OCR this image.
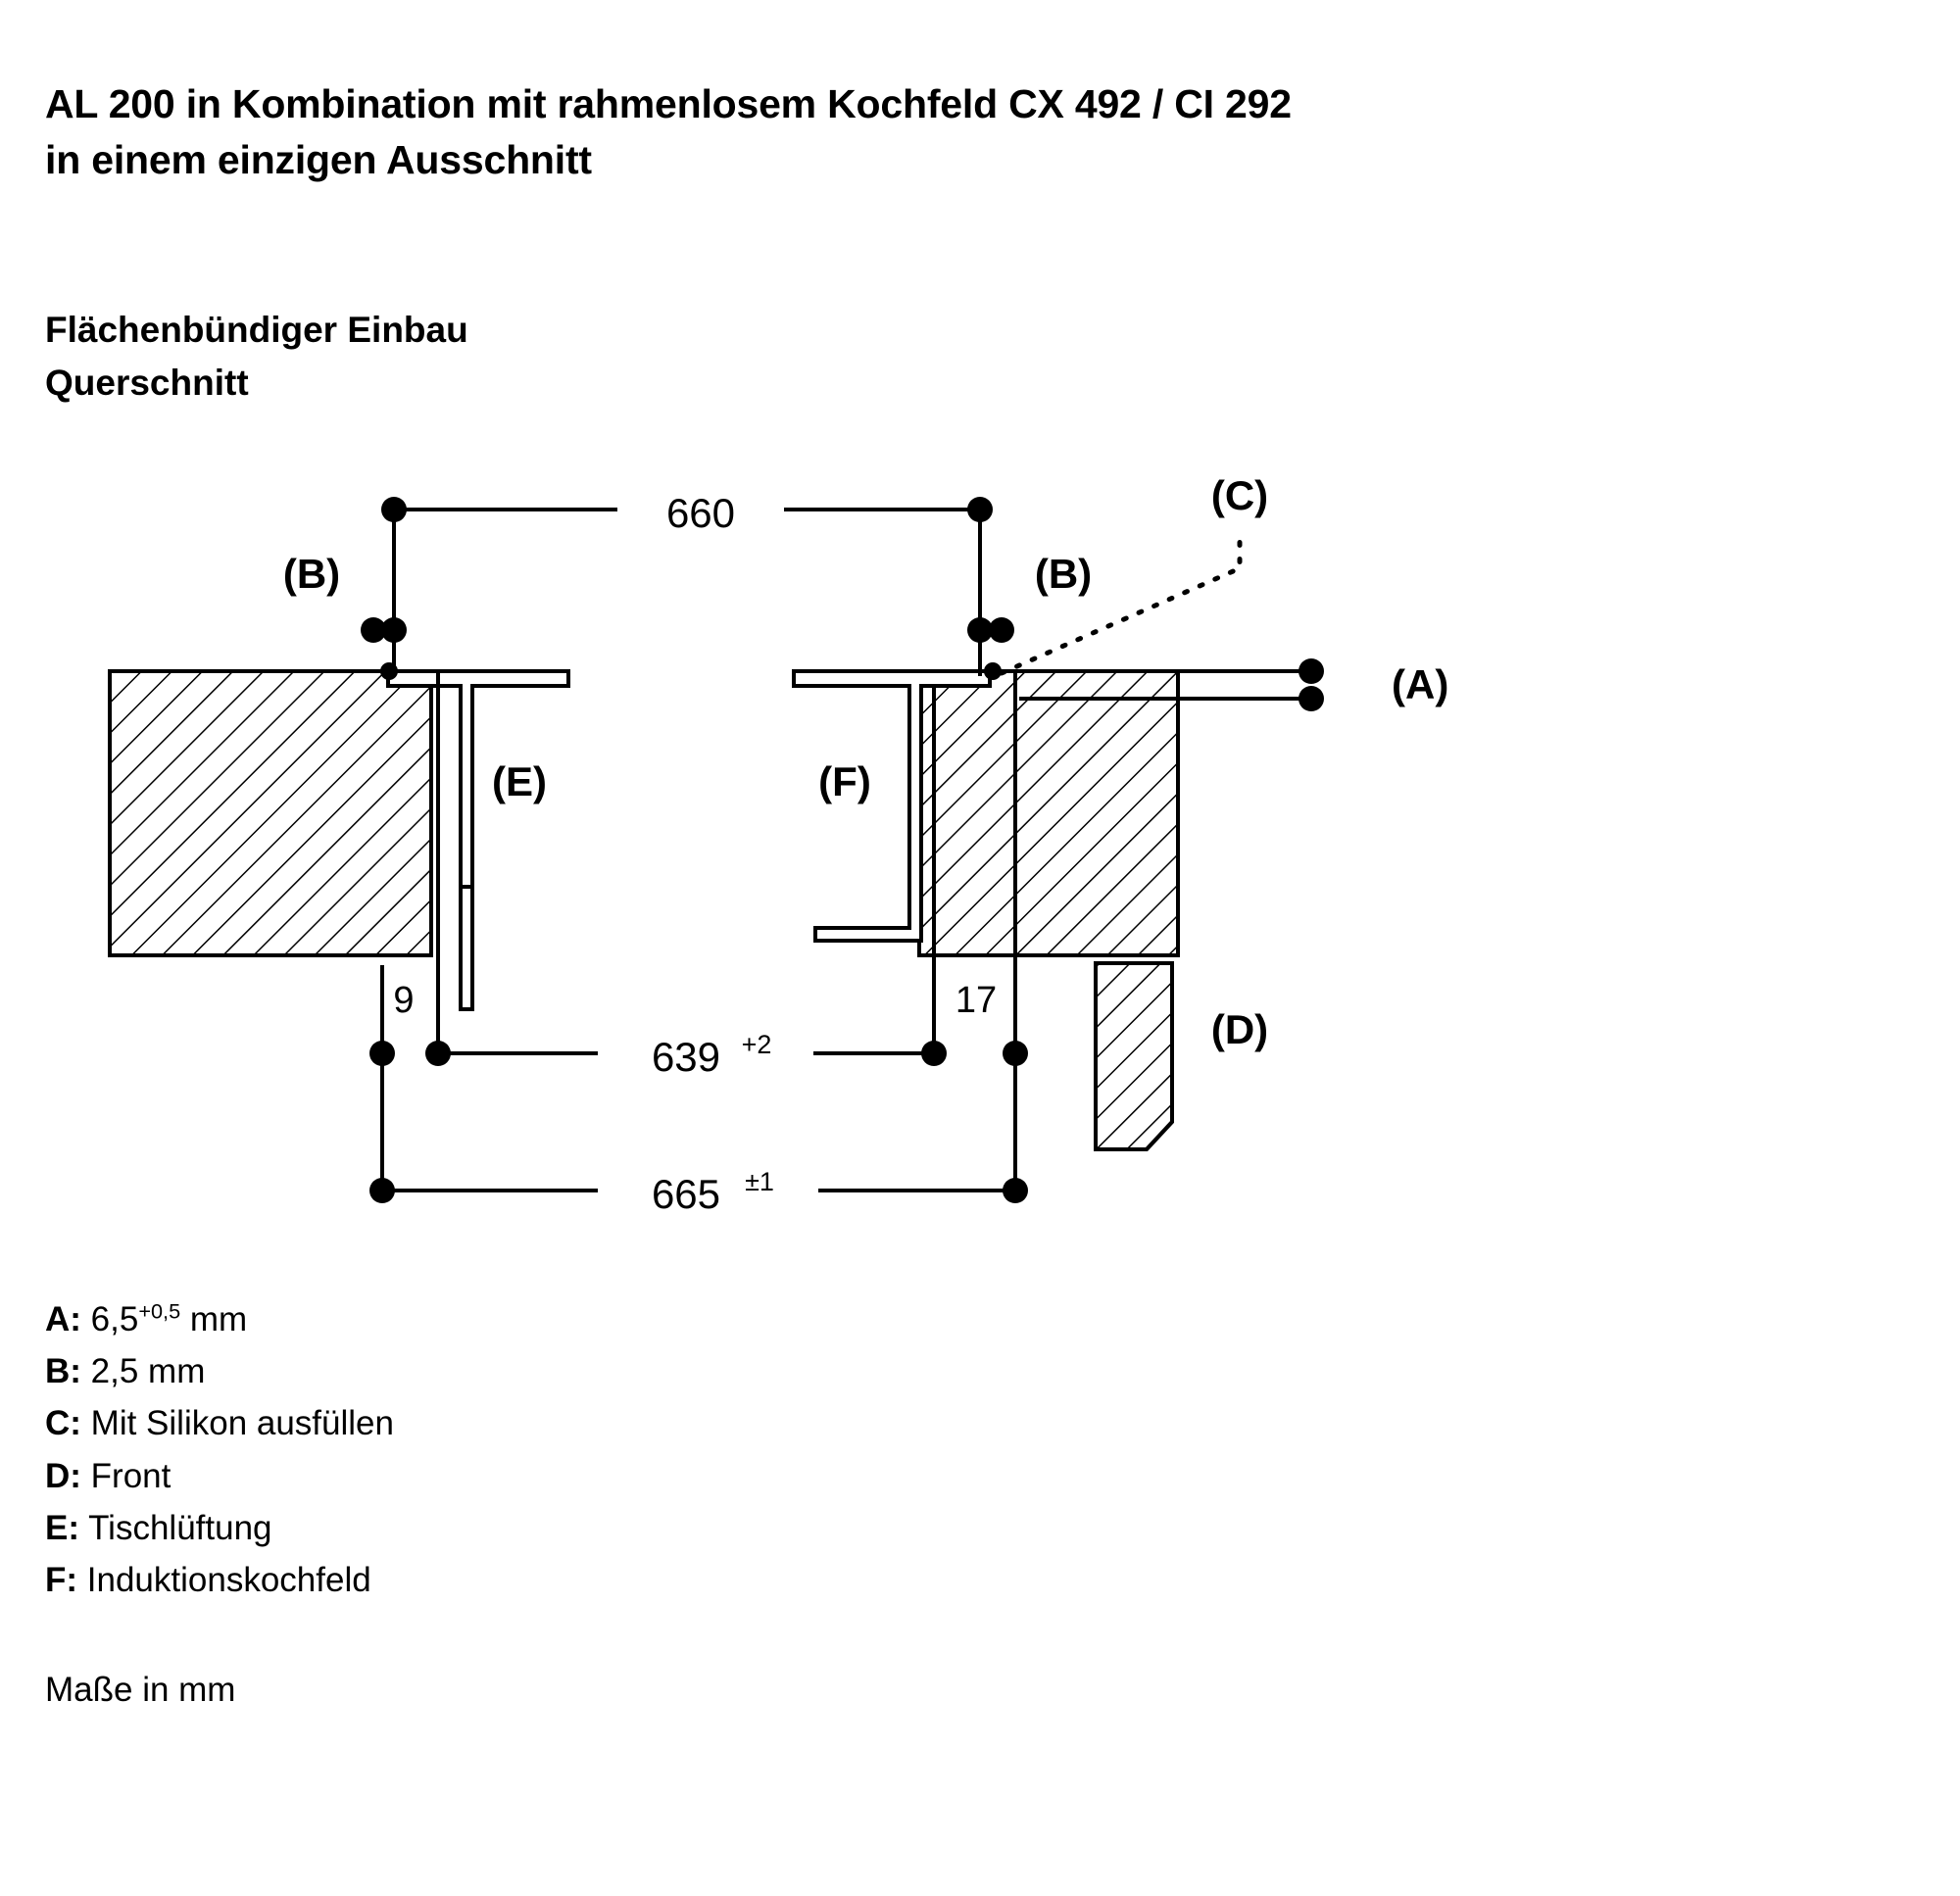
AL 200 in Kombination mit rahmenlosem Kochfeld CX 492 / CI 292
in einem einzigen Ausschnitt
Flächenbündiger Einbau
Querschnitt
660
(B)	(B)
(A)
(C)
(E)	(F)
(D)
639 +2
9	17
665 ±1
A: $6,5^{+0,5}$ mm
B: 2,5 mm
C: Mit Silikon ausfüllen
D: Front
E: Tischlüftung
F: Induktionskochfeld
Maße in mm
